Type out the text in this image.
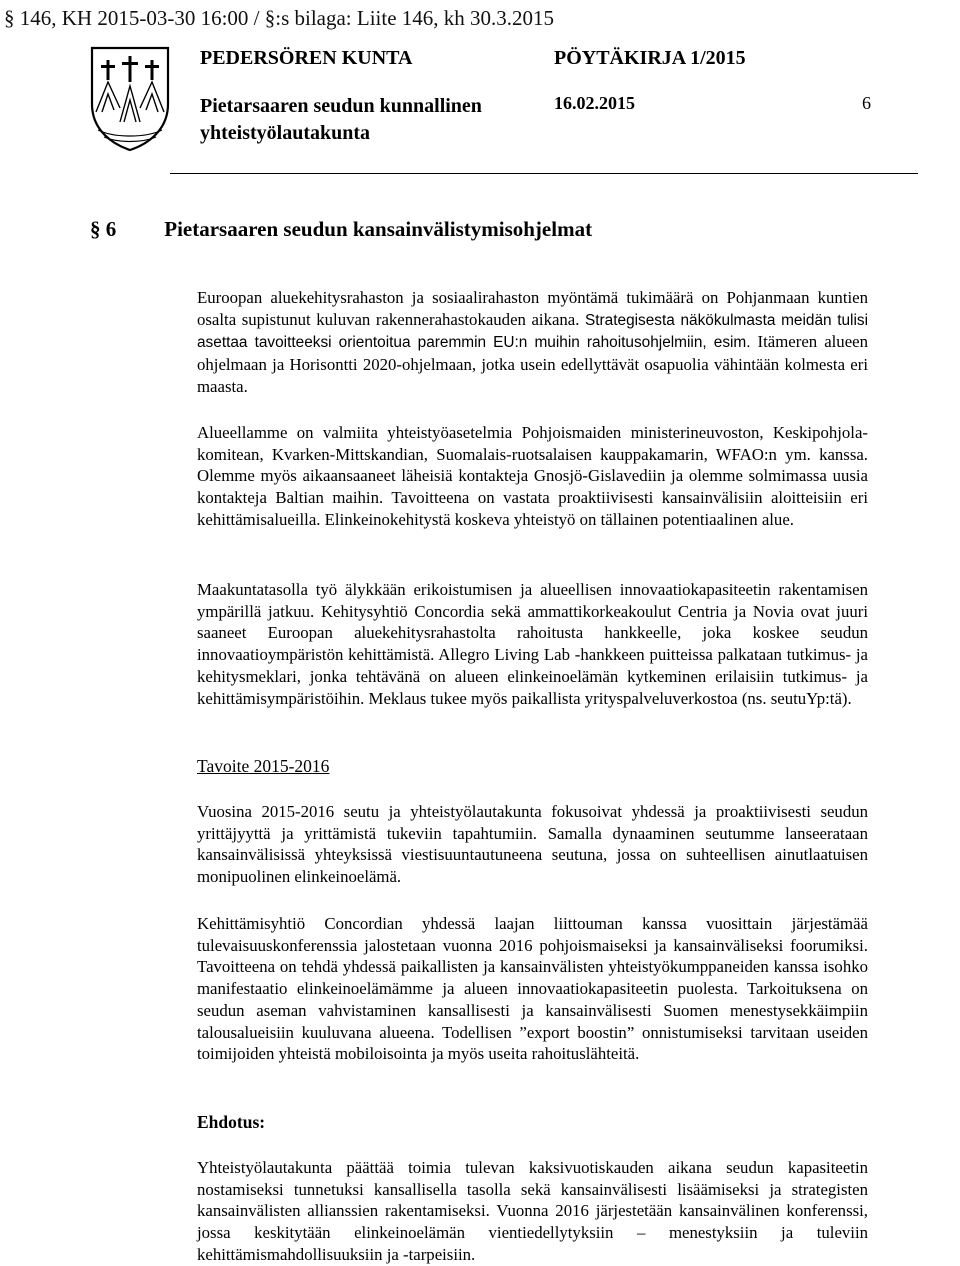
§ 146, KH 2015-03-30 16:00 / §:s bilaga: Liite 146, kh 30.3.2015
PEDERSÖREN KUNTA	PÖYTÄKIRJA 1/2015
Pietarsaaren seudun kunnallinen yhteistyölautakunta
16.02.2015	6
§ 6 Pietarsaaren seudun kansainvälistymisohjelmat

Euroopan aluekehitysrahaston ja sosiaalirahaston myöntämä tukimäärä on Pohjanmaan kuntien osalta supistunut kuluvan rakennerahastokauden aikana. Strategisesta näkökulmasta meidän tulisi asettaa tavoitteeksi orientoitua paremmin EU:n muihin rahoitusohjelmiin, esim. Itämeren alueen ohjelmaan ja Horisontti 2020-ohjelmaan, jotka usein edellyttävät osapuolia vähintään kolmesta eri maasta.

Alueellamme on valmiita yhteistyöasetelmia Pohjoismaiden ministerineuvoston, Keskipohjola-komitean, Kvarken-Mittskandian, Suomalais-ruotsalaisen kauppakamarin, WFAO:n ym. kanssa. Olemme myös aikaansaaneet läheisiä kontakteja Gnosjö-Gislavediin ja olemme solmimassa uusia kontakteja Baltian maihin. Tavoitteena on vastata proaktiivisesti kansainvälisiin aloitteisiin eri kehittämisalueilla. Elinkeinokehitystä koskeva yhteistyö on tällainen potentiaalinen alue.

Maakuntatasolla työ älykkään erikoistumisen ja alueellisen innovaatiokapasiteetin rakentamisen ympärillä jatkuu. Kehitysyhtiö Concordia sekä ammattikorkeakoulut Centria ja Novia ovat juuri saaneet Euroopan aluekehitysrahastolta rahoitusta hankkeelle, joka koskee seudun innovaatioympäristön kehittämistä. Allegro Living Lab -hankkeen puitteissa palkataan tutkimus- ja kehitysmeklari, jonka tehtävänä on alueen elinkeinoelämän kytkeminen erilaisiin tutkimus- ja kehittämisympäristöihin. Meklaus tukee myös paikallista yrityspalveluverkostoa (ns. seutuYp:tä).

Tavoite 2015-2016

Vuosina 2015-2016 seutu ja yhteistyölautakunta fokusoivat yhdessä ja proaktiivisesti seudun yrittäjyyttä ja yrittämistä tukeviin tapahtumiin. Samalla dynaaminen seutumme lanseerataan kansainvälisissä yhteyksissä viestisuuntautuneena seutuna, jossa on suhteellisen ainutlaatuisen monipuolinen elinkeinoelämä.

Kehittämisyhtiö Concordian yhdessä laajan liittouman kanssa vuosittain järjestämää tulevaisuuskonferenssia jalostetaan vuonna 2016 pohjoismaiseksi ja kansainväliseksi foorumiksi. Tavoitteena on tehdä yhdessä paikallisten ja kansainvälisten yhteistyökumppaneiden kanssa isohko manifestaatio elinkeinoelämämme ja alueen innovaatiokapasiteetin puolesta. Tarkoituksena on seudun aseman vahvistaminen kansallisesti ja kansainvälisesti Suomen menestysekkäimpiin talousalueisiin kuuluvana alueena. Todellisen ”export boostin” onnistumiseksi tarvitaan useiden toimijoiden yhteistä mobiloisointa ja myös useita rahoituslähteitä.

Ehdotus:

Yhteistyölautakunta päättää toimia tulevan kaksivuotiskauden aikana seudun kapasiteetin nostamiseksi tunnetuksi kansallisella tasolla sekä kansainvälisesti lisäämiseksi ja strategisten kansainvälisten allianssien rakentamiseksi. Vuonna 2016 järjestetään kansainvälinen konferenssi, jossa keskitytään elinkeinoelämän vientiedellytyksiin – menestyksiin ja tuleviin kehittämismahdollisuuksiin ja -tarpeisiin.
